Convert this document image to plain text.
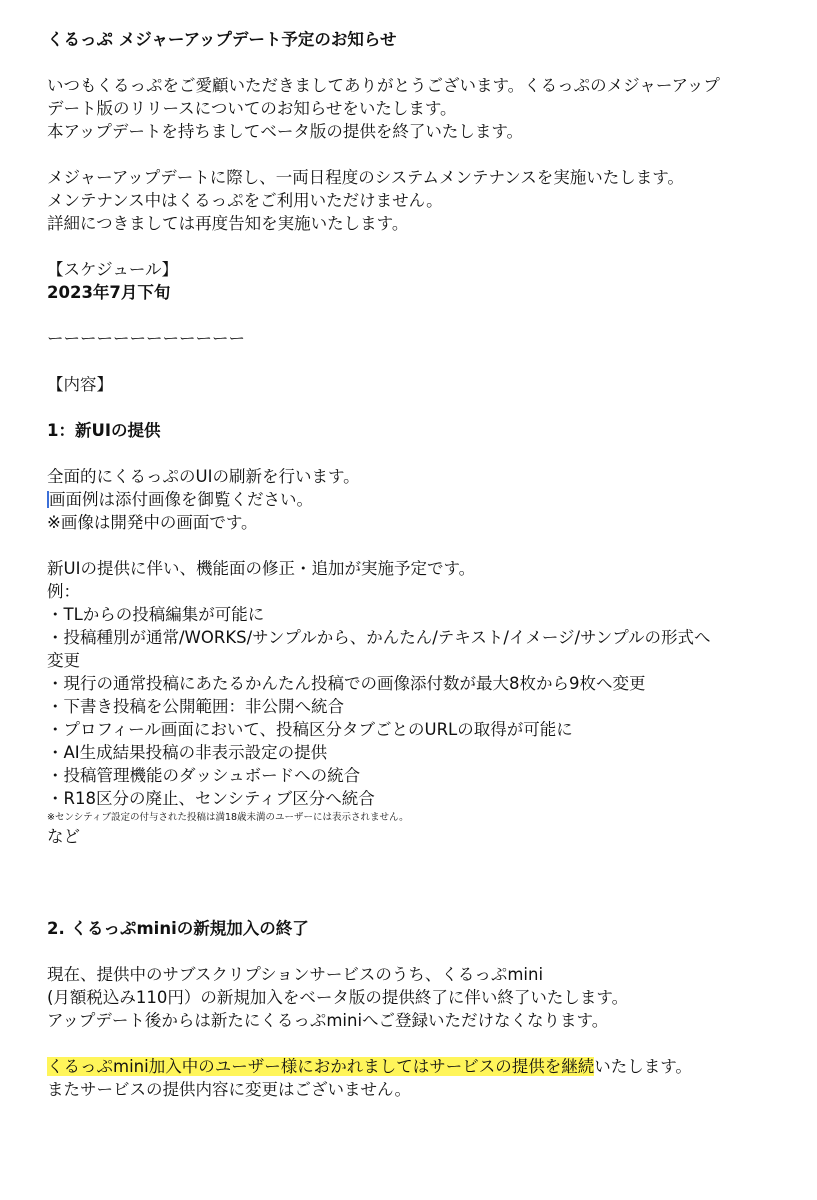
くるっぷ メジャーアップデート予定のお知らせ
いつもくるっぷをご愛顧いただきましてありがとうございます。くるっぷのメジャーアップ
デート版のリリースについてのお知らせをいたします。
本アップデートを持ちましてベータ版の提供を終了いたします。
メジャーアップデートに際し、一両日程度のシステムメンテナンスを実施いたします。
メンテナンス中はくるっぷをご利用いただけません。
詳細につきましては再度告知を実施いたします。
【スケジュール】
2023年7月下旬
ーーーーーーーーーーーー
【内容】
1：新UIの提供
全面的にくるっぷのUIの刷新を行います。
画面例は添付画像を御覧ください。
※画像は開発中の画面です。
新UIの提供に伴い、機能面の修正・追加が実施予定です。
例：
・TLからの投稿編集が可能に
・投稿種別が通常/WORKS/サンプルから、かんたん/テキスト/イメージ/サンプルの形式へ
変更
・現行の通常投稿にあたるかんたん投稿での画像添付数が最大8枚から9枚へ変更
・下書き投稿を公開範囲：非公開へ統合
・プロフィール画面において、投稿区分タブごとのURLの取得が可能に
・AI生成結果投稿の非表示設定の提供
・投稿管理機能のダッシュボードへの統合
・R18区分の廃止、センシティブ区分へ統合
※センシティブ設定の付与された投稿は満18歳未満のユーザーには表示されません。
など
2. くるっぷminiの新規加入の終了
現在、提供中のサブスクリプションサービスのうち、くるっぷmini
(月額税込み110円）の新規加入をベータ版の提供終了に伴い終了いたします。
アップデート後からは新たにくるっぷminiへご登録いただけなくなります。
くるっぷmini加入中のユーザー様におかれましてはサービスの提供を継続いたします。
またサービスの提供内容に変更はございません。
